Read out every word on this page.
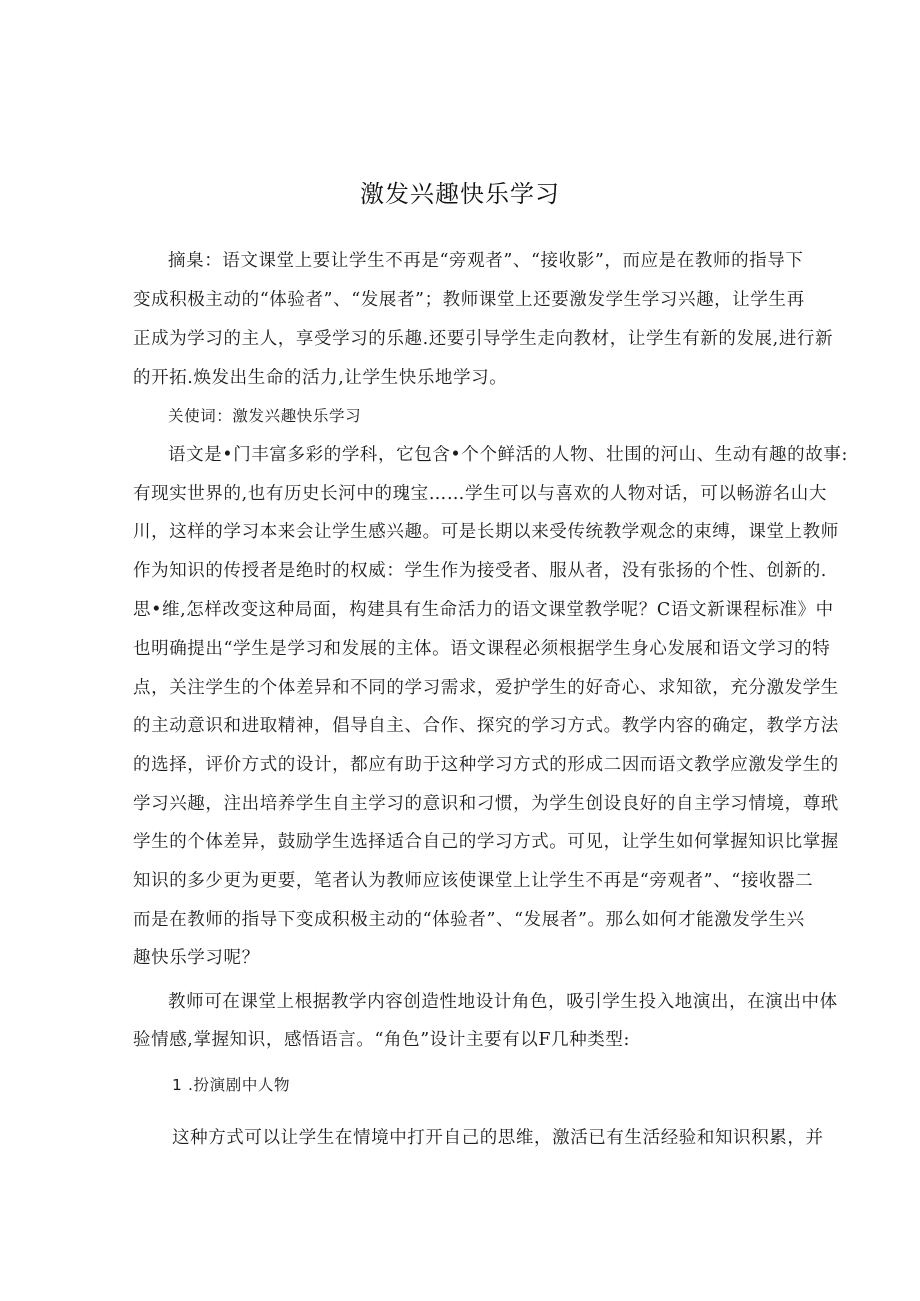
激发兴趣快乐学习
摘臬：语文课堂上要让学生不再是“旁观者”、“接收影”，而应是在教师的指导下
变成积极主动的“体验者”、“发展者”；教师课堂上还要激发学生学习兴趣，让学生再
正成为学习的主人，享受学习的乐趣.还要引导学生走向教材，让学生有新的发展,进行新
的开拓.焕发出生命的活力,让学生快乐地学习。
关使词：激发兴趣快乐学习
语文是•门丰富多彩的学科，它包含•个个鲜活的人物、壮围的河山、生动有趣的故事:
有现实世界的,也有历史长河中的瑰宝……学生可以与喜欢的人物对话，可以畅游名山大
川，这样的学习本来会让学生感兴趣。可是长期以来受传统教学观念的束缚，课堂上教师
作为知识的传授者是绝时的权威：学生作为接受者、服从者，没有张扬的个性、创新的.
思•维,怎样改变这种局面，构建具有生命活力的语文课堂教学呢？C语文新课程标准》中
也明确提出“学生是学习和发展的主体。语文课程必须根据学生身心发展和语文学习的特
点，关注学生的个体差异和不同的学习需求，爱护学生的好奇心、求知欲，充分激发学生
的主动意识和进取精神，倡导自主、合作、探究的学习方式。教学内容的确定，教学方法
的选择，评价方式的设计，都应有助于这种学习方式的形成二因而语文教学应激发学生的
学习兴趣，注出培养学生自主学习的意识和刁惯，为学生创设良好的自主学习情境，尊玳
学生的个体差异，鼓励学生选择适合自己的学习方式。可见，让学生如何掌握知识比掌握
知识的多少更为更要，笔者认为教师应该使课堂上让学生不再是“旁观者”、“接收器二
而是在教师的指导下变成积极主动的“体验者”、“发展者”。那么如何才能激发学生兴
趣快乐学习呢？
教师可在课堂上根据教学内容创造性地设计角色，吸引学生投入地演出，在演出中体
验情感,掌握知识，感悟语言。“角色”设计主要有以F几种类型:
1 .扮演剧中人物
这种方式可以让学生在情境中打开自己的思维，激活已有生活经验和知识积累，并
